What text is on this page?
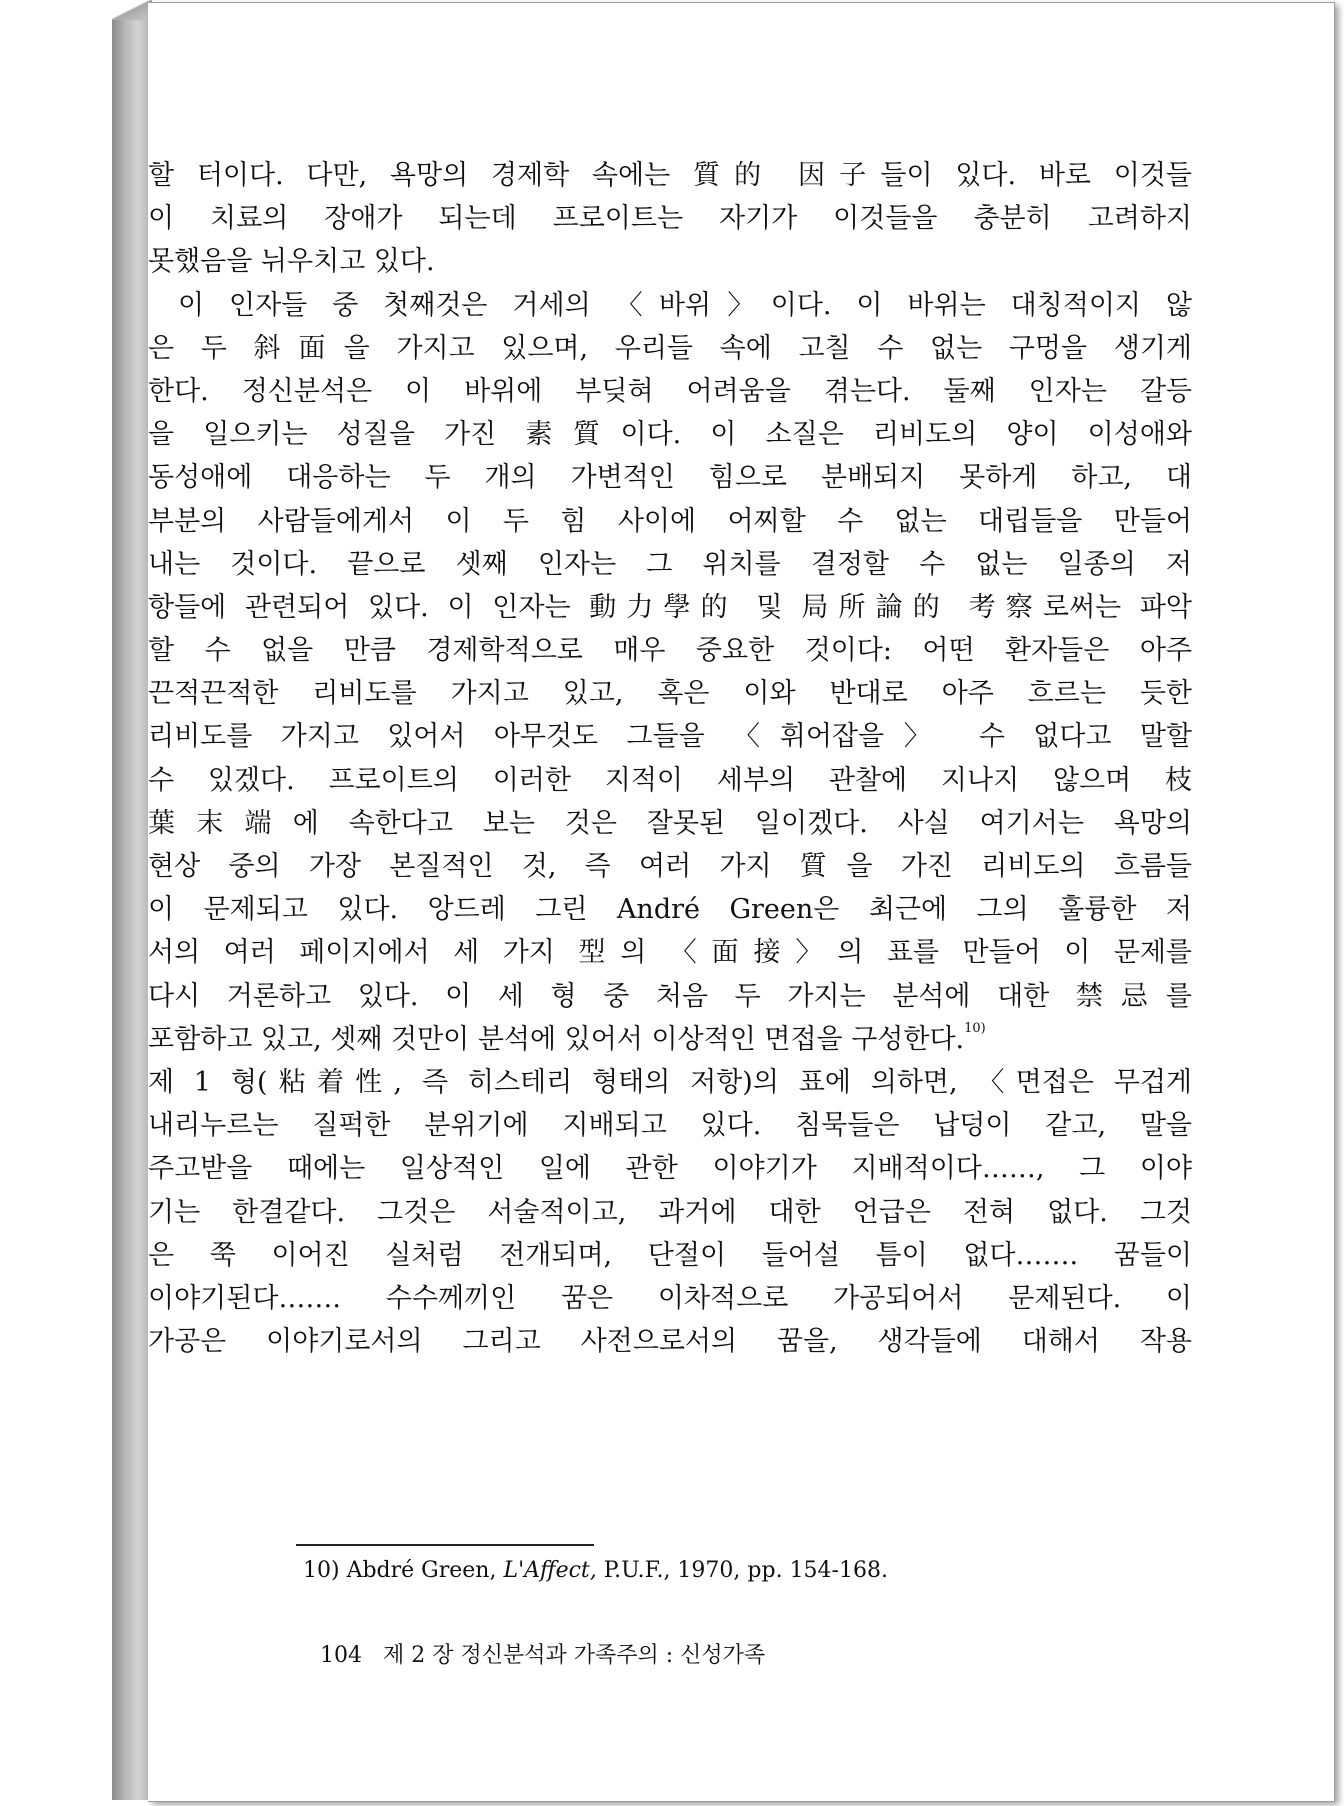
할 터이다. 다만, 욕망의 경제학 속에는 質的 因子들이 있다. 바로 이것들
이 치료의 장애가 되는데 프로이트는 자기가 이것들을 충분히 고려하지
못했음을 뉘우치고 있다.
이 인자들 중 첫째것은 거세의 〈바위〉이다. 이 바위는 대칭적이지 않
은 두 斜面을 가지고 있으며, 우리들 속에 고칠 수 없는 구멍을 생기게
한다. 정신분석은 이 바위에 부딪혀 어려움을 겪는다. 둘째 인자는 갈등
을 일으키는 성질을 가진 素質이다. 이 소질은 리비도의 양이 이성애와
동성애에 대응하는 두 개의 가변적인 힘으로 분배되지 못하게 하고, 대
부분의 사람들에게서 이 두 힘 사이에 어찌할 수 없는 대립들을 만들어
내는 것이다. 끝으로 셋째 인자는 그 위치를 결정할 수 없는 일종의 저
항들에 관련되어 있다. 이 인자는 動力學的 및 局所論的 考察로써는 파악
할 수 없을 만큼 경제학적으로 매우 중요한 것이다: 어떤 환자들은 아주
끈적끈적한 리비도를 가지고 있고, 혹은 이와 반대로 아주 흐르는 듯한
리비도를 가지고 있어서 아무것도 그들을 〈휘어잡을〉 수 없다고 말할
수 있겠다. 프로이트의 이러한 지적이 세부의 관찰에 지나지 않으며 枝
葉末端에 속한다고 보는 것은 잘못된 일이겠다. 사실 여기서는 욕망의
현상 중의 가장 본질적인 것, 즉 여러 가지 質을 가진 리비도의 흐름들
이 문제되고 있다. 앙드레 그린 André Green은 최근에 그의 훌륭한 저
서의 여러 페이지에서 세 가지 型의 〈面接〉의 표를 만들어 이 문제를
다시 거론하고 있다. 이 세 형 중 처음 두 가지는 분석에 대한 禁忌를
포함하고 있고, 셋째 것만이 분석에 있어서 이상적인 면접을 구성한다.$^{10)}$
제 1 형(粘着性, 즉 히스테리 형태의 저항)의 표에 의하면, 〈면접은 무겁게
내리누르는 질퍽한 분위기에 지배되고 있다. 침묵들은 납덩이 같고, 말을
주고받을 때에는 일상적인 일에 관한 이야기가 지배적이다……, 그 이야
기는 한결같다. 그것은 서술적이고, 과거에 대한 언급은 전혀 없다. 그것
은 쭉 이어진 실처럼 전개되며, 단절이 들어설 틈이 없다……. 꿈들이
이야기된다……. 수수께끼인 꿈은 이차적으로 가공되어서 문제된다. 이
가공은 이야기로서의 그리고 사전으로서의 꿈을, 생각들에 대해서 작용
10) Abdré Green, L'Affect, P.U.F., 1970, pp. 154-168.
104 제 2 장 정신분석과 가족주의 : 신성가족
